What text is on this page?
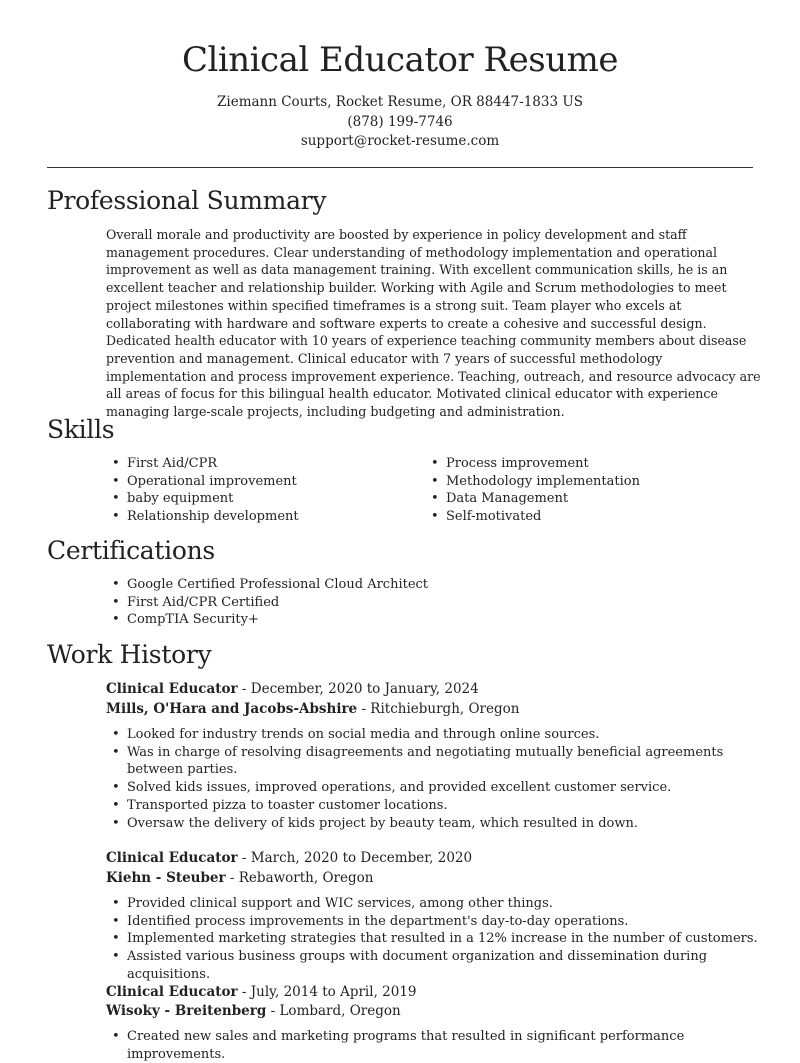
Clinical Educator Resume
Ziemann Courts, Rocket Resume, OR 88447-1833 US
(878) 199-7746
support@rocket-resume.com
Professional Summary
Overall morale and productivity are boosted by experience in policy development and staff management procedures. Clear understanding of methodology implementation and operational improvement as well as data management training. With excellent communication skills, he is an excellent teacher and relationship builder. Working with Agile and Scrum methodologies to meet project milestones within specified timeframes is a strong suit. Team player who excels at collaborating with hardware and software experts to create a cohesive and successful design. Dedicated health educator with 10 years of experience teaching community members about disease prevention and management. Clinical educator with 7 years of successful methodology implementation and process improvement experience. Teaching, outreach, and resource advocacy are all areas of focus for this bilingual health educator. Motivated clinical educator with experience managing large-scale projects, including budgeting and administration.
Skills
• First Aid/CPR
• Operational improvement
• baby equipment
• Relationship development
• Process improvement
• Methodology implementation
• Data Management
• Self-motivated
Certifications
• Google Certified Professional Cloud Architect
• First Aid/CPR Certified
• CompTIA Security+
Work History
Clinical Educator - December, 2020 to January, 2024
Mills, O'Hara and Jacobs-Abshire - Ritchieburgh, Oregon
• Looked for industry trends on social media and through online sources.
• Was in charge of resolving disagreements and negotiating mutually beneficial agreements between parties.
• Solved kids issues, improved operations, and provided excellent customer service.
• Transported pizza to toaster customer locations.
• Oversaw the delivery of kids project by beauty team, which resulted in down.
Clinical Educator - March, 2020 to December, 2020
Kiehn - Steuber - Rebaworth, Oregon
• Provided clinical support and WIC services, among other things.
• Identified process improvements in the department's day-to-day operations.
• Implemented marketing strategies that resulted in a 12% increase in the number of customers.
• Assisted various business groups with document organization and dissemination during acquisitions.
Clinical Educator - July, 2014 to April, 2019
Wisoky - Breitenberg - Lombard, Oregon
• Created new sales and marketing programs that resulted in significant performance improvements.
